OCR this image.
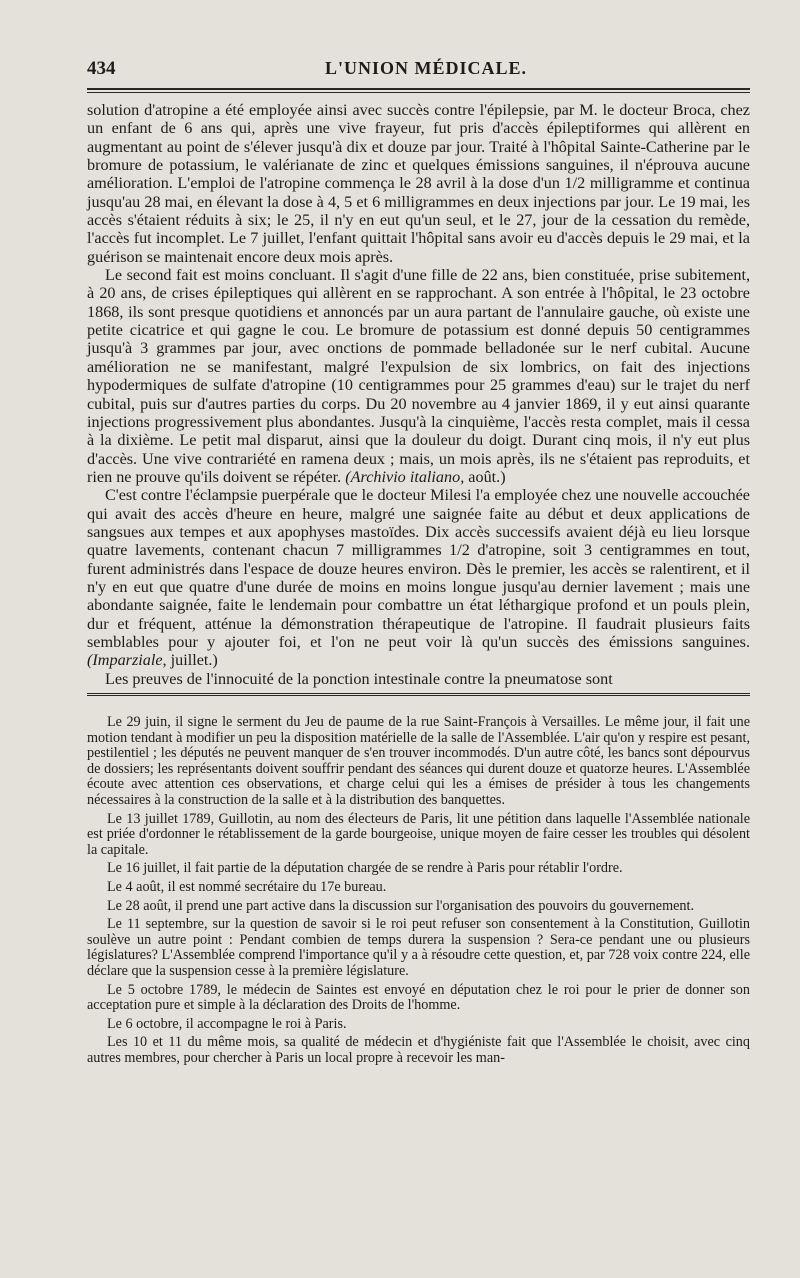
434	L'UNION MÉDICALE.

solution d'atropine a été employée ainsi avec succès contre l'épilepsie, par M. le docteur Broca, chez un enfant de 6 ans qui, après une vive frayeur, fut pris d'accès épileptiformes qui allèrent en augmentant au point de s'élever jusqu'à dix et douze par jour. Traité à l'hôpital Sainte-Catherine par le bromure de potassium, le valérianate de zinc et quelques émissions sanguines, il n'éprouva aucune amélioration. L'emploi de l'atropine commença le 28 avril à la dose d'un 1/2 milligramme et continua jusqu'au 28 mai, en élevant la dose à 4, 5 et 6 milligrammes en deux injections par jour. Le 19 mai, les accès s'étaient réduits à six; le 25, il n'y en eut qu'un seul, et le 27, jour de la cessation du remède, l'accès fut incomplet. Le 7 juillet, l'enfant quittait l'hôpital sans avoir eu d'accès depuis le 29 mai, et la guérison se maintenait encore deux mois après.

Le second fait est moins concluant. Il s'agit d'une fille de 22 ans, bien constituée, prise subitement, à 20 ans, de crises épileptiques qui allèrent en se rapprochant. A son entrée à l'hôpital, le 23 octobre 1868, ils sont presque quotidiens et annoncés par un aura partant de l'annulaire gauche, où existe une petite cicatrice et qui gagne le cou. Le bromure de potassium est donné depuis 50 centigrammes jusqu'à 3 grammes par jour, avec onctions de pommade belladonée sur le nerf cubital. Aucune amélioration ne se manifestant, malgré l'expulsion de six lombrics, on fait des injections hypodermiques de sulfate d'atropine (10 centigrammes pour 25 grammes d'eau) sur le trajet du nerf cubital, puis sur d'autres parties du corps. Du 20 novembre au 4 janvier 1869, il y eut ainsi quarante injections progressivement plus abondantes. Jusqu'à la cinquième, l'accès resta complet, mais il cessa à la dixième. Le petit mal disparut, ainsi que la douleur du doigt. Durant cinq mois, il n'y eut plus d'accès. Une vive contrariété en ramena deux ; mais, un mois après, ils ne s'étaient pas reproduits, et rien ne prouve qu'ils doivent se répéter. (Archivio italiano, août.)

C'est contre l'éclampsie puerpérale que le docteur Milesi l'a employée chez une nouvelle accouchée qui avait des accès d'heure en heure, malgré une saignée faite au début et deux applications de sangsues aux tempes et aux apophyses mastoïdes. Dix accès successifs avaient déjà eu lieu lorsque quatre lavements, contenant chacun 7 milligrammes 1/2 d'atropine, soit 3 centigrammes en tout, furent administrés dans l'espace de douze heures environ. Dès le premier, les accès se ralentirent, et il n'y en eut que quatre d'une durée de moins en moins longue jusqu'au dernier lavement ; mais une abondante saignée, faite le lendemain pour combattre un état léthargique profond et un pouls plein, dur et fréquent, atténue la démonstration thérapeutique de l'atropine. Il faudrait plusieurs faits semblables pour y ajouter foi, et l'on ne peut voir là qu'un succès des émissions sanguines. (Imparziale, juillet.)

Les preuves de l'innocuité de la ponction intestinale contre la pneumatose sont

Le 29 juin, il signe le serment du Jeu de paume de la rue Saint-François à Versailles. Le même jour, il fait une motion tendant à modifier un peu la disposition matérielle de la salle de l'Assemblée. L'air qu'on y respire est pesant, pestilentiel ; les députés ne peuvent manquer de s'en trouver incommodés. D'un autre côté, les bancs sont dépourvus de dossiers; les représentants doivent souffrir pendant des séances qui durent douze et quatorze heures. L'Assemblée écoute avec attention ces observations, et charge celui qui les a émises de présider à tous les changements nécessaires à la construction de la salle et à la distribution des banquettes.

Le 13 juillet 1789, Guillotin, au nom des électeurs de Paris, lit une pétition dans laquelle l'Assemblée nationale est priée d'ordonner le rétablissement de la garde bourgeoise, unique moyen de faire cesser les troubles qui désolent la capitale.

Le 16 juillet, il fait partie de la députation chargée de se rendre à Paris pour rétablir l'ordre.

Le 4 août, il est nommé secrétaire du 17e bureau.

Le 28 août, il prend une part active dans la discussion sur l'organisation des pouvoirs du gouvernement.

Le 11 septembre, sur la question de savoir si le roi peut refuser son consentement à la Constitution, Guillotin soulève un autre point : Pendant combien de temps durera la suspension ? Sera-ce pendant une ou plusieurs législatures? L'Assemblée comprend l'importance qu'il y a à résoudre cette question, et, par 728 voix contre 224, elle déclare que la suspension cesse à la première législature.

Le 5 octobre 1789, le médecin de Saintes est envoyé en députation chez le roi pour le prier de donner son acceptation pure et simple à la déclaration des Droits de l'homme.

Le 6 octobre, il accompagne le roi à Paris.

Les 10 et 11 du même mois, sa qualité de médecin et d'hygiéniste fait que l'Assemblée le choisit, avec cinq autres membres, pour chercher à Paris un local propre à recevoir les man-
